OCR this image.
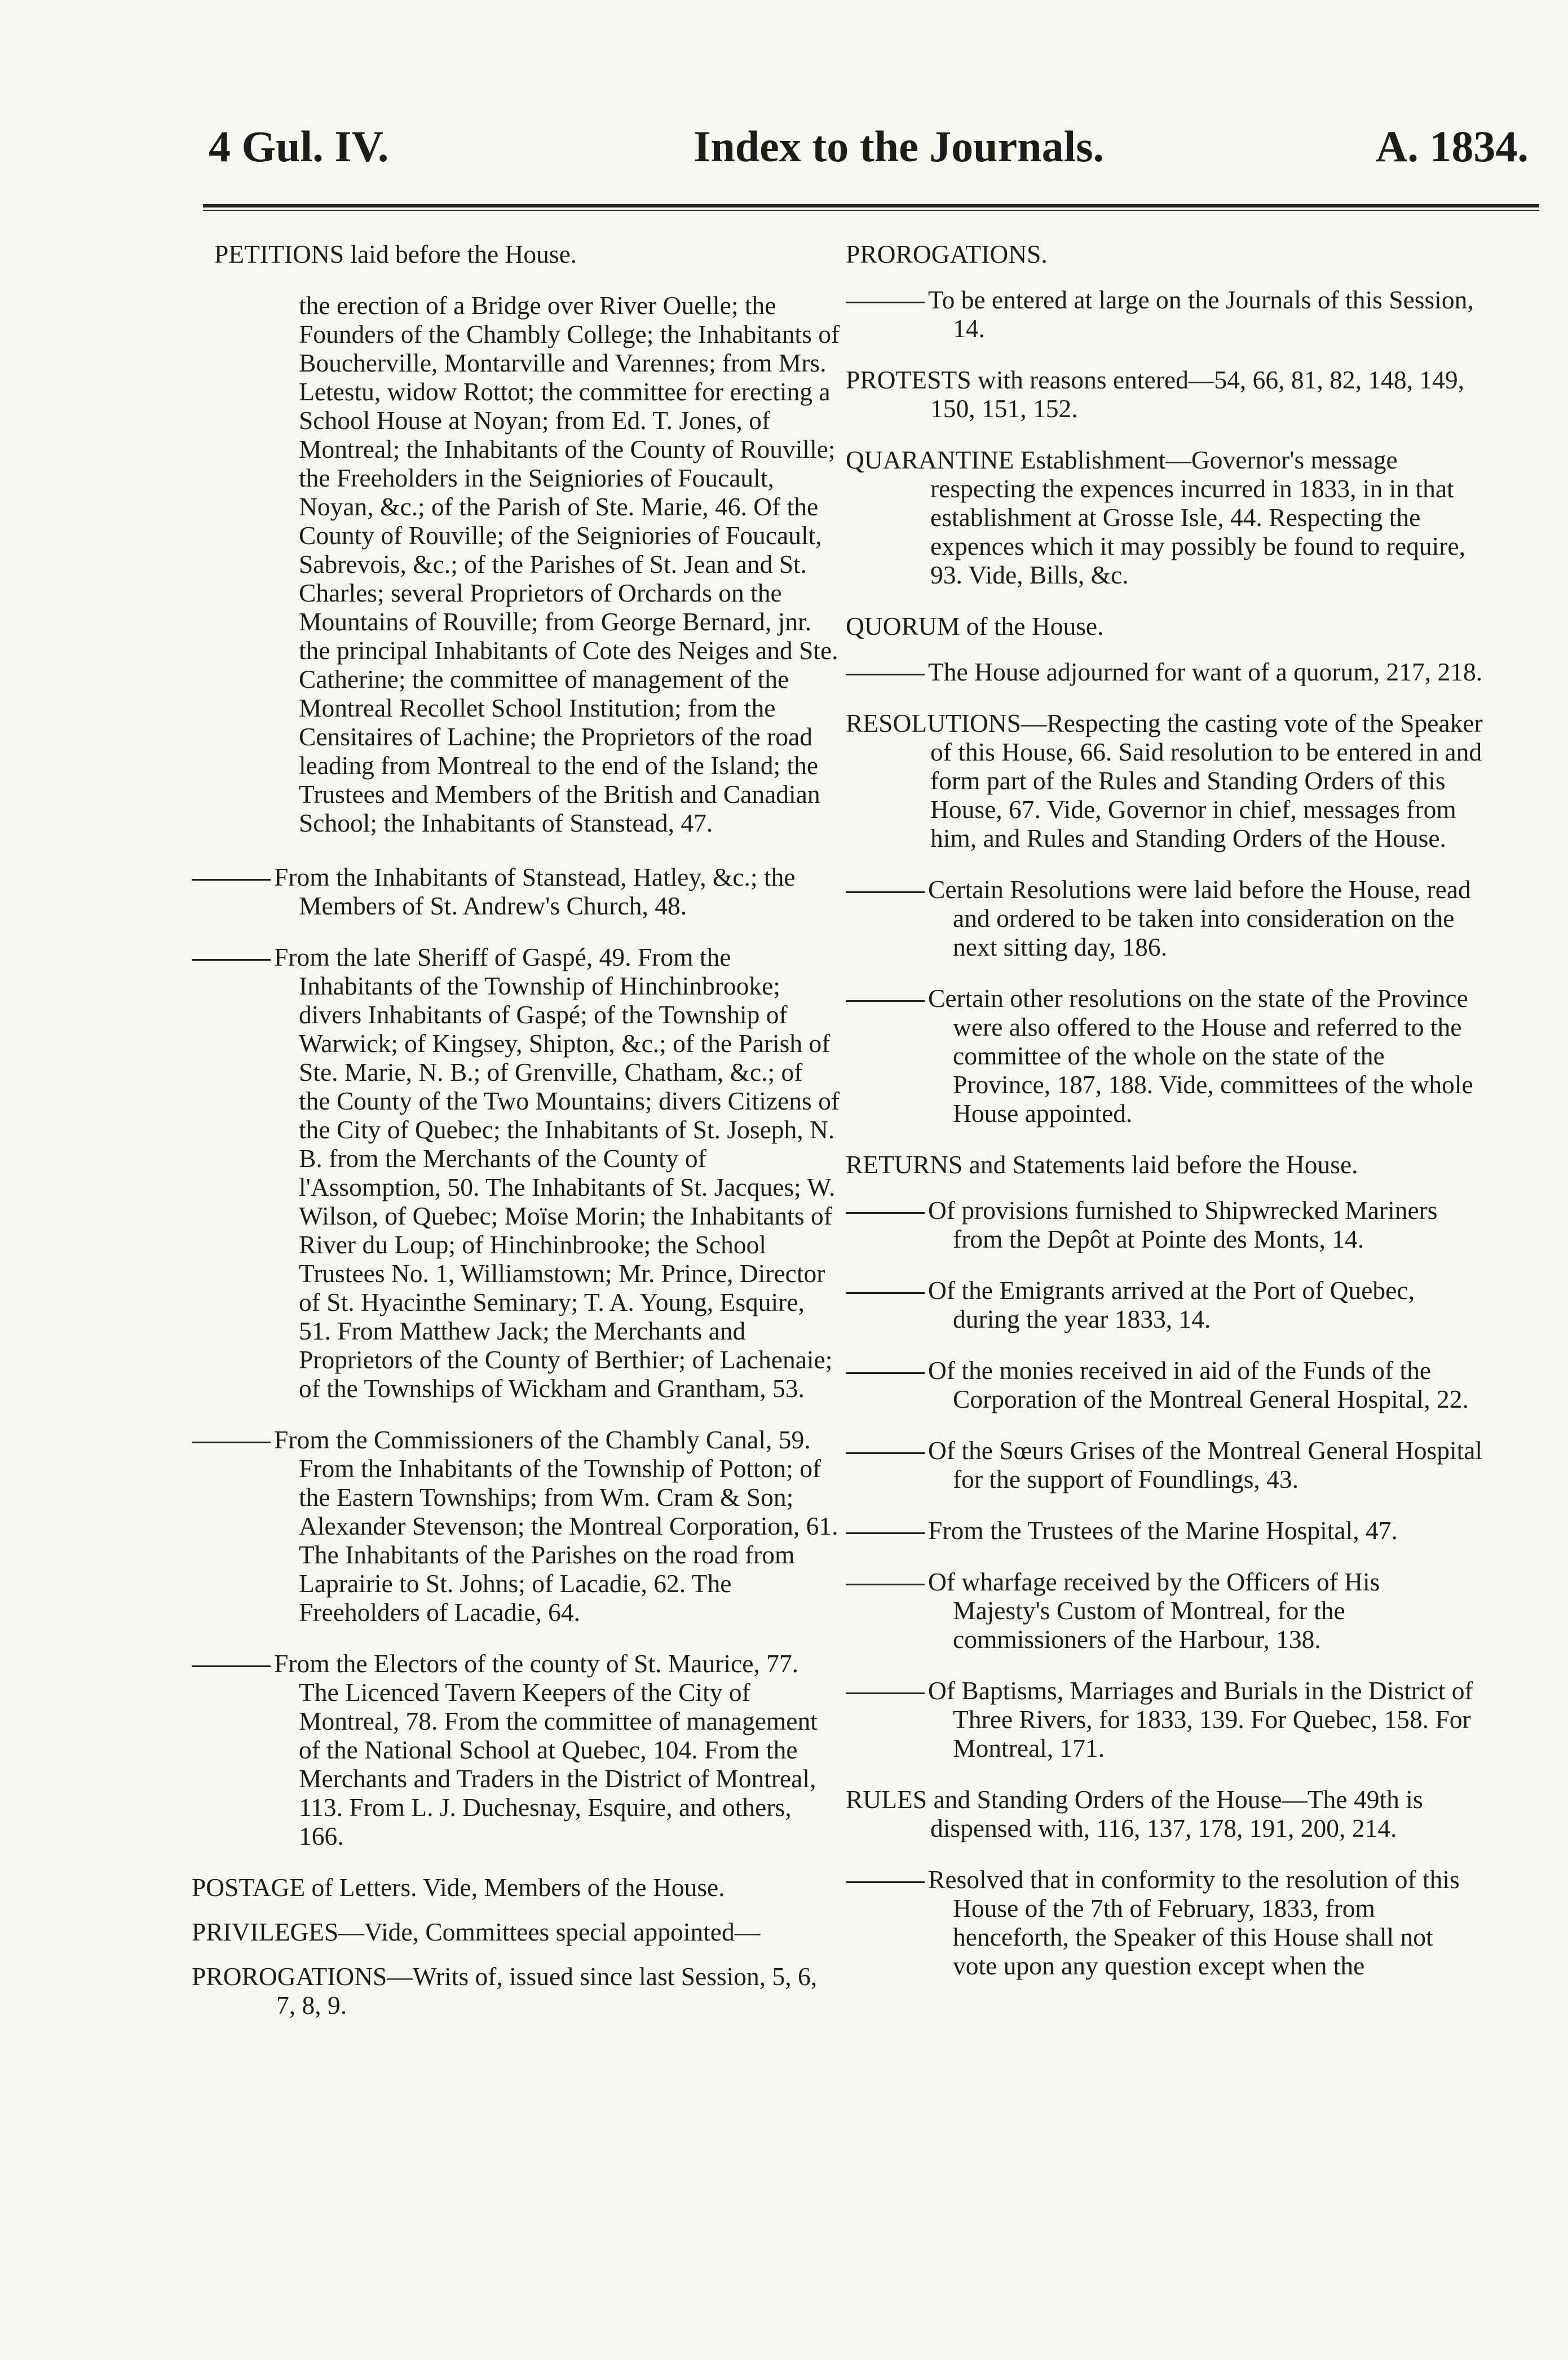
4 Gul. IV.	Index to the Journals.	A. 1834.

PETITIONS laid before the House.

the erection of a Bridge over River Ouelle; the Founders of the Chambly College; the Inhabitants of Boucherville, Montarville and Varennes; from Mrs. Letestu, widow Rottot; the committee for erecting a School House at Noyan; from Ed. T. Jones, of Montreal; the Inhabitants of the County of Rouville; the Freeholders in the Seigniories of Foucault, Noyan, &c.; of the Parish of Ste. Marie, 46. Of the County of Rouville; of the Seigniories of Foucault, Sabrevois, &c.; of the Parishes of St. Jean and St. Charles; several Proprietors of Orchards on the Mountains of Rouville; from George Bernard, jnr. the principal Inhabitants of Cote des Neiges and Ste. Catherine; the committee of management of the Montreal Recollet School Institution; from the Censitaires of Lachine; the Proprietors of the road leading from Montreal to the end of the Island; the Trustees and Members of the British and Canadian School; the Inhabitants of Stanstead, 47.

From the Inhabitants of Stanstead, Hatley, &c.; the Members of St. Andrew's Church, 48.
From the late Sheriff of Gaspé, 49. From the Inhabitants of the Township of Hinchinbrooke; divers Inhabitants of Gaspé; of the Township of Warwick; of Kingsey, Shipton, &c.; of the Parish of Ste. Marie, N. B.; of Grenville, Chatham, &c.; of the County of the Two Mountains; divers Citizens of the City of Quebec; the Inhabitants of St. Joseph, N. B. from the Merchants of the County of l'Assomption, 50. The Inhabitants of St. Jacques; W. Wilson, of Quebec; Moïse Morin; the Inhabitants of River du Loup; of Hinchinbrooke; the School Trustees No. 1, Williamstown; Mr. Prince, Director of St. Hyacinthe Seminary; T. A. Young, Esquire, 51. From Matthew Jack; the Merchants and Proprietors of the County of Berthier; of Lachenaie; of the Townships of Wickham and Grantham, 53.
From the Commissioners of the Chambly Canal, 59. From the Inhabitants of the Township of Potton; of the Eastern Townships; from Wm. Cram & Son; Alexander Stevenson; the Montreal Corporation, 61. The Inhabitants of the Parishes on the road from Laprairie to St. Johns; of Lacadie, 62. The Freeholders of Lacadie, 64.
From the Electors of the county of St. Maurice, 77. The Licenced Tavern Keepers of the City of Montreal, 78. From the committee of management of the National School at Quebec, 104. From the Merchants and Traders in the District of Montreal, 113. From L. J. Duchesnay, Esquire, and others, 166.

POSTAGE of Letters. Vide, Members of the House.

PRIVILEGES—Vide, Committees special appointed—

PROROGATIONS—Writs of, issued since last Session, 5, 6, 7, 8, 9.

PROROGATIONS.

To be entered at large on the Journals of this Session, 14.

PROTESTS with reasons entered—54, 66, 81, 82, 148, 149, 150, 151, 152.

QUARANTINE Establishment—Governor's message respecting the expences incurred in 1833, in in that establishment at Grosse Isle, 44. Respecting the expences which it may possibly be found to require, 93. Vide, Bills, &c.

QUORUM of the House.

The House adjourned for want of a quorum, 217, 218.

RESOLUTIONS—Respecting the casting vote of the Speaker of this House, 66. Said resolution to be entered in and form part of the Rules and Standing Orders of this House, 67. Vide, Governor in chief, messages from him, and Rules and Standing Orders of the House.

Certain Resolutions were laid before the House, read and ordered to be taken into consideration on the next sitting day, 186.
Certain other resolutions on the state of the Province were also offered to the House and referred to the committee of the whole on the state of the Province, 187, 188. Vide, committees of the whole House appointed.

RETURNS and Statements laid before the House.

Of provisions furnished to Shipwrecked Mariners from the Depôt at Pointe des Monts, 14.
Of the Emigrants arrived at the Port of Quebec, during the year 1833, 14.
Of the monies received in aid of the Funds of the Corporation of the Montreal General Hospital, 22.
Of the Sœurs Grises of the Montreal General Hospital for the support of Foundlings, 43.
From the Trustees of the Marine Hospital, 47.
Of wharfage received by the Officers of His Majesty's Custom of Montreal, for the commissioners of the Harbour, 138.
Of Baptisms, Marriages and Burials in the District of Three Rivers, for 1833, 139. For Quebec, 158. For Montreal, 171.

RULES and Standing Orders of the House—The 49th is dispensed with, 116, 137, 178, 191, 200, 214.

Resolved that in conformity to the resolution of this House of the 7th of February, 1833, from henceforth, the Speaker of this House shall not vote upon any question except when the
